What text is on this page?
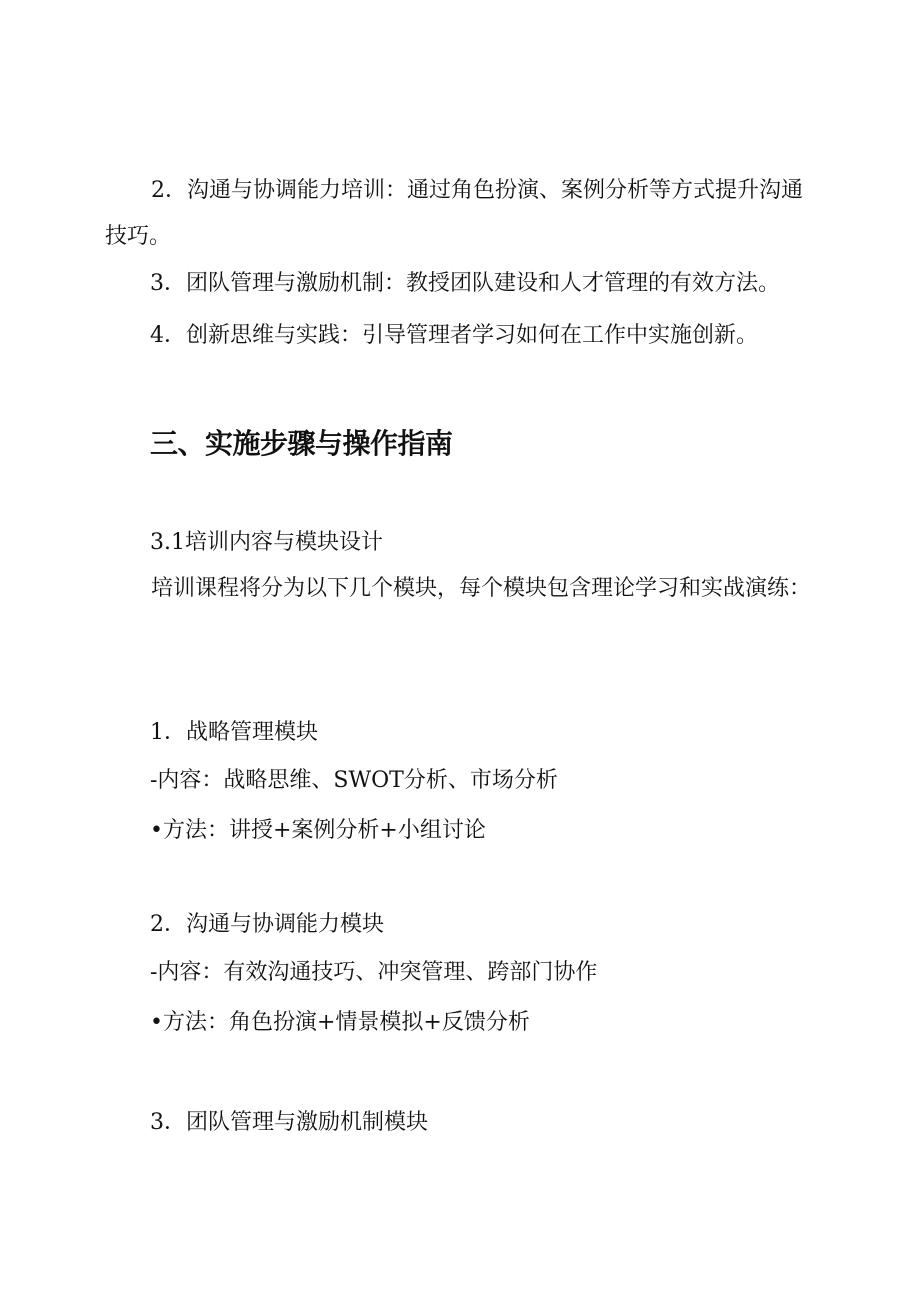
2．沟通与协调能力培训：通过角色扮演、案例分析等方式提升沟通技巧。

3．团队管理与激励机制：教授团队建设和人才管理的有效方法。

4．创新思维与实践：引导管理者学习如何在工作中实施创新。

三、实施步骤与操作指南

3.1培训内容与模块设计

培训课程将分为以下几个模块，每个模块包含理论学习和实战演练：

1．战略管理模块

-内容：战略思维、SWOT分析、市场分析

•方法：讲授+案例分析+小组讨论

2．沟通与协调能力模块

-内容：有效沟通技巧、冲突管理、跨部门协作

•方法：角色扮演+情景模拟+反馈分析

3．团队管理与激励机制模块
